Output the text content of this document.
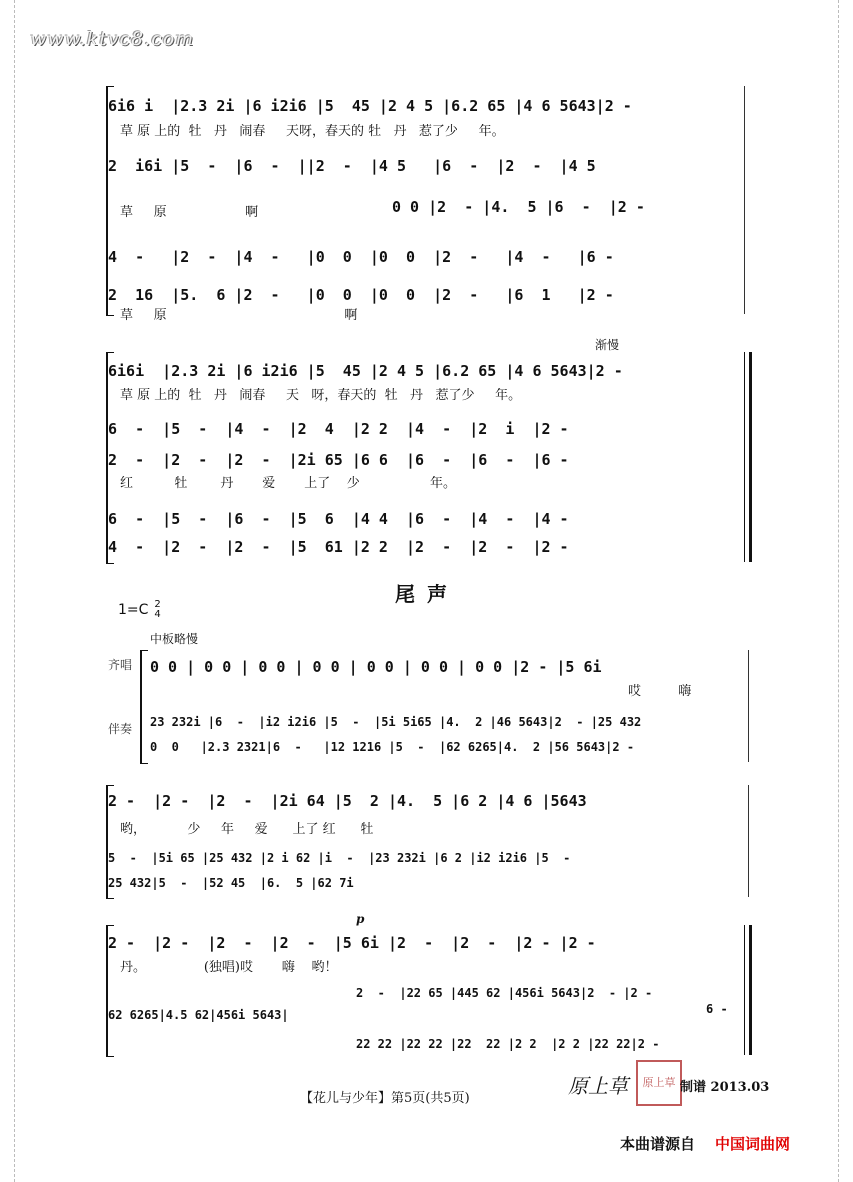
www.ktvc8.com
6i6 i  |2.3 2i |6 i2i6 |5  45 |2 4 5 |6.2 65 |4 6 5643|2 -
草 原 上的  牡   丹   闹春     天呀，春天的 牡   丹   惹了少     年。
2  i6i |5  -  |6  -  ||2  -  |4 5   |6  -  |2  -  |4 5
0 0 |2  - |4.  5 |6  -  |2 -
草     原                   啊
4  -   |2  -  |4  -   |0  0  |0  0  |2  -   |4  -   |6 -
2  16  |5.  6 |2  -   |0  0  |0  0  |2  -   |6  1   |2 -
草     原                                           啊
渐慢
6i6i  |2.3 2i |6 i2i6 |5  45 |2 4 5 |6.2 65 |4 6 5643|2 -
草 原 上的  牡   丹   闹春     天   呀，春天的  牡   丹   惹了少     年。
6  -  |5  -  |4  -  |2  4  |2 2  |4  -  |2  i  |2 -
2  -  |2  -  |2  -  |2i 65 |6 6  |6  -  |6  -  |6 -
红          牡        丹       爱       上了    少                 年。
6  -  |5  -  |6  -  |5  6  |4 4  |6  -  |4  -  |4 -
4  -  |2  -  |2  -  |5  61 |2 2  |2  -  |2  -  |2 -
尾声
1=C 2
4
中板略慢
齐唱
伴奏
0 0 | 0 0 | 0 0 | 0 0 | 0 0 | 0 0 | 0 0 |2 - |5 6i
哎         嗨
23 232i |6  -  |i2 i2i6 |5  -  |5i 5i65 |4.  2 |46 5643|2  - |25 432
0  0   |2.3 2321|6  -   |12 1216 |5  -  |62 6265|4.  2 |56 5643|2 -
2 -  |2 -  |2  -  |2i 64 |5  2 |4.  5 |6 2 |4 6 |5643
哟，          少     年     爱      上了 红      牡
5  -  |5i 65 |25 432 |2 i 62 |i  -  |23 232i |6 2 |i2 i2i6 |5  -
25 432|5  -  |52 45  |6.  5 |62 7i
p
2 -  |2 -  |2  -  |2  -  |5 6i |2  -  |2  -  |2 - |2 -
丹。              (独唱)哎       嗨    哟！
62 6265|4.5 62|456i 5643|
2  -  |22 65 |445 62 |456i 5643|2  - |2 -
6 -
22 22 |22 22 |22  22 |2 2  |2 2 |22 22|2 -
【花儿与少年】第5页(共5页)
原上草	原上草 制谱 2013.03
本曲谱源自 中国词曲网
